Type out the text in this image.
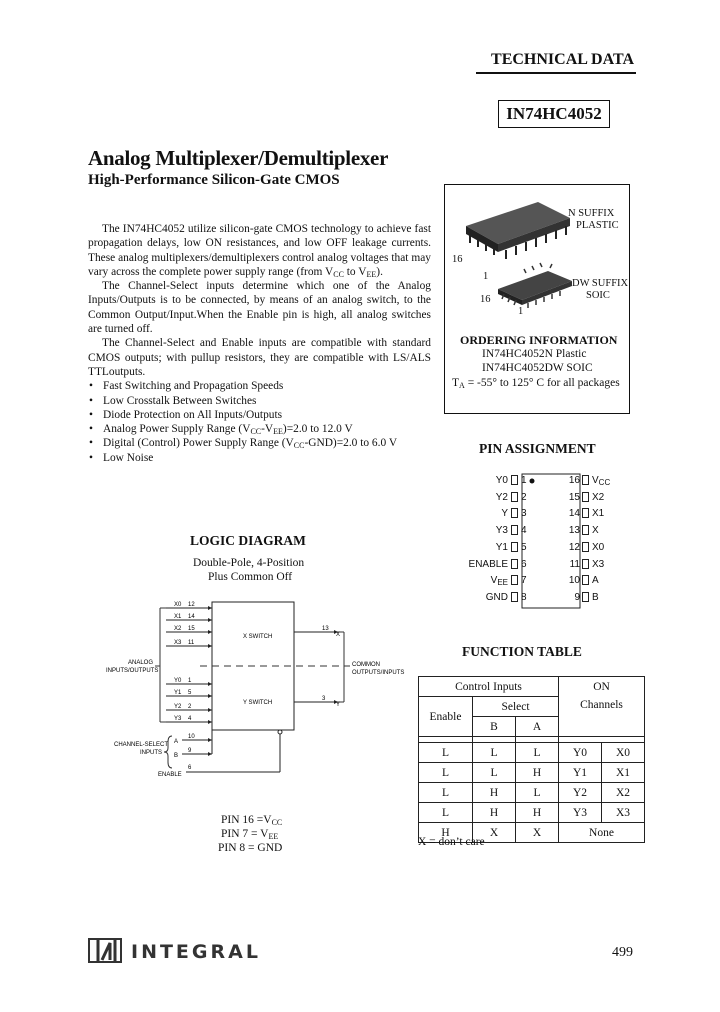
TECHNICAL DATA
IN74HC4052
Analog Multiplexer/Demultiplexer
High-Performance Silicon-Gate CMOS

The IN74HC4052 utilize silicon-gate CMOS technology to achieve fast propagation delays, low ON resistances, and low OFF leakage currents. These analog multiplexers/demultiplexers control analog voltages that may vary across the complete power supply range (from $V_{CC}$ to $V_{EE}$).

The Channel-Select inputs determine which one of the Analog Inputs/Outputs is to be connected, by means of an analog switch, to the Common Output/Input.When the Enable pin is high, all analog switches are turned off.

The Channel-Select and Enable inputs are compatible with standard CMOS outputs; with pullup resistors, they are compatible with LS/ALS TTLoutputs.

• Fast Switching and Propagation Speeds
• Low Crosstalk Between Switches
• Diode Protection on All Inputs/Outputs
• Analog Power Supply Range $(V_{CC}-V_{EE})=2.0$ to 12.0 V
• Digital (Control) Power Supply Range $(V_{CC}-GND)=2.0$ to 6.0 V
• Low Noise
N SUFFIX
PLASTIC
16
1
DW SUFFIX
SOIC
16
1
ORDERING INFORMATION
IN74HC4052N Plastic
IN74HC4052DW SOIC
$T_A = -55^\circ$ to 125° C for all packages
PIN ASSIGNMENT
Y0 1	16 $V_{CC}$
Y2 2	15 X2
Y 3	14 X1
Y3 4	13 X
Y1 5	12 X0
ENABLE 6	11 X3
$V_{EE}$ 7	10 A
GND 8	9 B
LOGIC DIAGRAM
Double-Pole, 4-Position
Plus Common Off
X SWITCH
Y SWITCH
ANALOG
INPUTS/OUTPUTS
COMMON
OUTPUTS/INPUTS
CHANNEL-SELECT
INPUTS
ENABLE
X0 12
X1 14
X2 15
X3 11
Y0 1
Y1 5
Y2 2
Y3 4
13
X
3
Y
A
10
B
9
6
PIN $16 =V_{CC}$
PIN $7 = V_{EE}$
PIN 8 = GND
FUNCTION TABLE
Control Inputs			ON	
Enable	Select		Channels	
	B	A		

L	L	L	Y0	X0
L	L	H	Y1	X1
L	H	L	Y2	X2
L	H	H	Y3	X3
H	X	X	None	
X = don’t care
INTEGRAL	499
